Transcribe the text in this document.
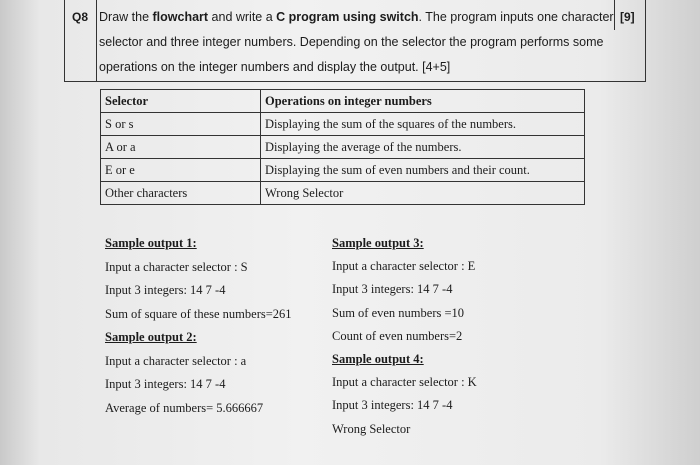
Q8	[9]
Draw the flowchart and write a C program using switch. The program inputs one character
selector and three integer numbers. Depending on the selector the program performs some
operations on the integer numbers and display the output. [4+5]
Selector	Operations on integer numbers
S or s	Displaying the sum of the squares of the numbers.
A or a	Displaying the average of the numbers.
E or e	Displaying the sum of even numbers and their count.
Other characters	Wrong Selector
Sample output 1:
Input a character selector : S
Input 3 integers: 14 7 -4
Sum of square of these numbers=261
Sample output 2:
Input a character selector : a
Input 3 integers: 14 7 -4
Average of numbers= 5.666667
Sample output 3:
Input a character selector : E
Input 3 integers: 14 7 -4
Sum of even numbers =10
Count of even numbers=2
Sample output 4:
Input a character selector : K
Input 3 integers: 14 7 -4
Wrong Selector
